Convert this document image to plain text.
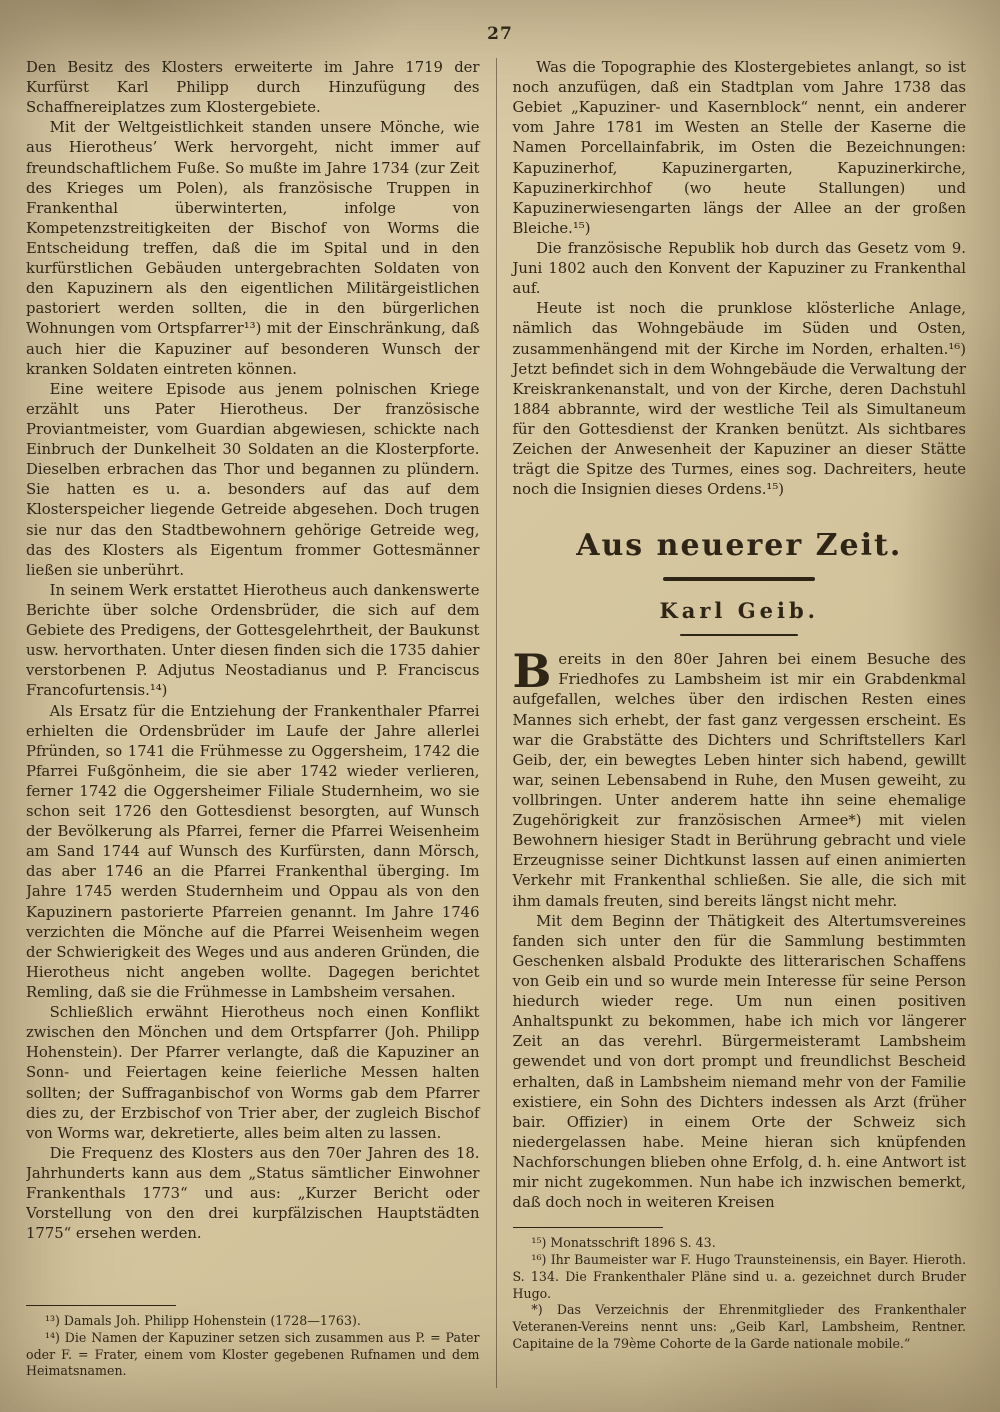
27

Den Besitz des Klosters erweiterte im Jahre 1719 der Kurfürst Karl Philipp durch Hinzufügung des Schaffnereiplatzes zum Klostergebiete.

Mit der Weltgeistlichkeit standen unsere Mönche, wie aus Hierotheus’ Werk hervorgeht, nicht immer auf freundschaftlichem Fuße. So mußte im Jahre 1734 (zur Zeit des Krieges um Polen), als französische Truppen in Frankenthal überwinterten, infolge von Kompetenzstreitigkeiten der Bischof von Worms die Entscheidung treffen, daß die im Spital und in den kurfürstlichen Gebäuden untergebrachten Soldaten von den Kapuzinern als den eigentlichen Militärgeistlichen pastoriert werden sollten, die in den bürgerlichen Wohnungen vom Ortspfarrer¹³) mit der Einschränkung, daß auch hier die Kapuziner auf besonderen Wunsch der kranken Soldaten eintreten können.

Eine weitere Episode aus jenem polnischen Kriege erzählt uns Pater Hierotheus. Der französische Proviantmeister, vom Guardian abgewiesen, schickte nach Einbruch der Dunkelheit 30 Soldaten an die Klosterpforte. Dieselben erbrachen das Thor und begannen zu plündern. Sie hatten es u. a. besonders auf das auf dem Klosterspeicher liegende Getreide abgesehen. Doch trugen sie nur das den Stadtbewohnern gehörige Getreide weg, das des Klosters als Eigentum frommer Gottesmänner ließen sie unberührt.

In seinem Werk erstattet Hierotheus auch dankenswerte Berichte über solche Ordensbrüder, die sich auf dem Gebiete des Predigens, der Gottesgelehrtheit, der Baukunst usw. hervorthaten. Unter diesen finden sich die 1735 dahier verstorbenen P. Adjutus Neostadianus und P. Franciscus Francofurtensis.¹⁴)

Als Ersatz für die Entziehung der Frankenthaler Pfarrei erhielten die Ordensbrüder im Laufe der Jahre allerlei Pfründen, so 1741 die Frühmesse zu Oggersheim, 1742 die Pfarrei Fußgönheim, die sie aber 1742 wieder verlieren, ferner 1742 die Oggersheimer Filiale Studernheim, wo sie schon seit 1726 den Gottesdienst besorgten, auf Wunsch der Bevölkerung als Pfarrei, ferner die Pfarrei Weisenheim am Sand 1744 auf Wunsch des Kurfürsten, dann Mörsch, das aber 1746 an die Pfarrei Frankenthal überging. Im Jahre 1745 werden Studernheim und Oppau als von den Kapuzinern pastorierte Pfarreien genannt. Im Jahre 1746 verzichten die Mönche auf die Pfarrei Weisenheim wegen der Schwierigkeit des Weges und aus anderen Gründen, die Hierotheus nicht angeben wollte. Dagegen berichtet Remling, daß sie die Frühmesse in Lambsheim versahen.

Schließlich erwähnt Hierotheus noch einen Konflikt zwischen den Mönchen und dem Ortspfarrer (Joh. Philipp Hohenstein). Der Pfarrer verlangte, daß die Kapuziner an Sonn- und Feiertagen keine feierliche Messen halten sollten; der Suffraganbischof von Worms gab dem Pfarrer dies zu, der Erzbischof von Trier aber, der zugleich Bischof von Worms war, dekretierte, alles beim alten zu lassen.

Die Frequenz des Klosters aus den 70er Jahren des 18. Jahrhunderts kann aus dem „Status sämtlicher Einwohner Frankenthals 1773“ und aus: „Kurzer Bericht oder Vorstellung von den drei kurpfälzischen Hauptstädten 1775“ ersehen werden.

¹³) Damals Joh. Philipp Hohenstein (1728—1763).

¹⁴) Die Namen der Kapuziner setzen sich zusammen aus P. = Pater oder F. = Frater, einem vom Kloster gegebenen Rufnamen und dem Heimatsnamen.

Was die Topographie des Klostergebietes anlangt, so ist noch anzufügen, daß ein Stadtplan vom Jahre 1738 das Gebiet „Kapuziner- und Kasernblock“ nennt, ein anderer vom Jahre 1781 im Westen an Stelle der Kaserne die Namen Porcellainfabrik, im Osten die Bezeichnungen: Kapuzinerhof, Kapuzinergarten, Kapuzinerkirche, Kapuzinerkirchhof (wo heute Stallungen) und Kapuzinerwiesengarten längs der Allee an der großen Bleiche.¹⁵)

Die französische Republik hob durch das Gesetz vom 9. Juni 1802 auch den Konvent der Kapuziner zu Frankenthal auf.

Heute ist noch die prunklose klösterliche Anlage, nämlich das Wohngebäude im Süden und Osten, zusammenhängend mit der Kirche im Norden, erhalten.¹⁶) Jetzt befindet sich in dem Wohngebäude die Verwaltung der Kreiskrankenanstalt, und von der Kirche, deren Dachstuhl 1884 abbrannte, wird der westliche Teil als Simultaneum für den Gottesdienst der Kranken benützt. Als sichtbares Zeichen der Anwesenheit der Kapuziner an dieser Stätte trägt die Spitze des Turmes, eines sog. Dachreiters, heute noch die Insignien dieses Ordens.¹⁵)

Aus neuerer Zeit.

Karl Geib.

Bereits in den 80er Jahren bei einem Besuche des Friedhofes zu Lambsheim ist mir ein Grabdenkmal aufgefallen, welches über den irdischen Resten eines Mannes sich erhebt, der fast ganz vergessen erscheint. Es war die Grabstätte des Dichters und Schriftstellers Karl Geib, der, ein bewegtes Leben hinter sich habend, gewillt war, seinen Lebensabend in Ruhe, den Musen geweiht, zu vollbringen. Unter anderem hatte ihn seine ehemalige Zugehörigkeit zur französischen Armee*) mit vielen Bewohnern hiesiger Stadt in Berührung gebracht und viele Erzeugnisse seiner Dichtkunst lassen auf einen animierten Verkehr mit Frankenthal schließen. Sie alle, die sich mit ihm damals freuten, sind bereits längst nicht mehr.

Mit dem Beginn der Thätigkeit des Altertumsvereines fanden sich unter den für die Sammlung bestimmten Geschenken alsbald Produkte des litterarischen Schaffens von Geib ein und so wurde mein Interesse für seine Person hiedurch wieder rege. Um nun einen positiven Anhaltspunkt zu bekommen, habe ich mich vor längerer Zeit an das verehrl. Bürgermeisteramt Lambsheim gewendet und von dort prompt und freundlichst Bescheid erhalten, daß in Lambsheim niemand mehr von der Familie existiere, ein Sohn des Dichters indessen als Arzt (früher bair. Offizier) in einem Orte der Schweiz sich niedergelassen habe. Meine hieran sich knüpfenden Nachforschungen blieben ohne Erfolg, d. h. eine Antwort ist mir nicht zugekommen. Nun habe ich inzwischen bemerkt, daß doch noch in weiteren Kreisen

¹⁵) Monatsschrift 1896 S. 43.

¹⁶) Ihr Baumeister war F. Hugo Traunsteinensis, ein Bayer. Hieroth. S. 134. Die Frankenthaler Pläne sind u. a. gezeichnet durch Bruder Hugo.

*) Das Verzeichnis der Ehrenmitglieder des Frankenthaler Veteranen-Vereins nennt uns: „Geib Karl, Lambsheim, Rentner. Capitaine de la 79ème Cohorte de la Garde nationale mobile.“
